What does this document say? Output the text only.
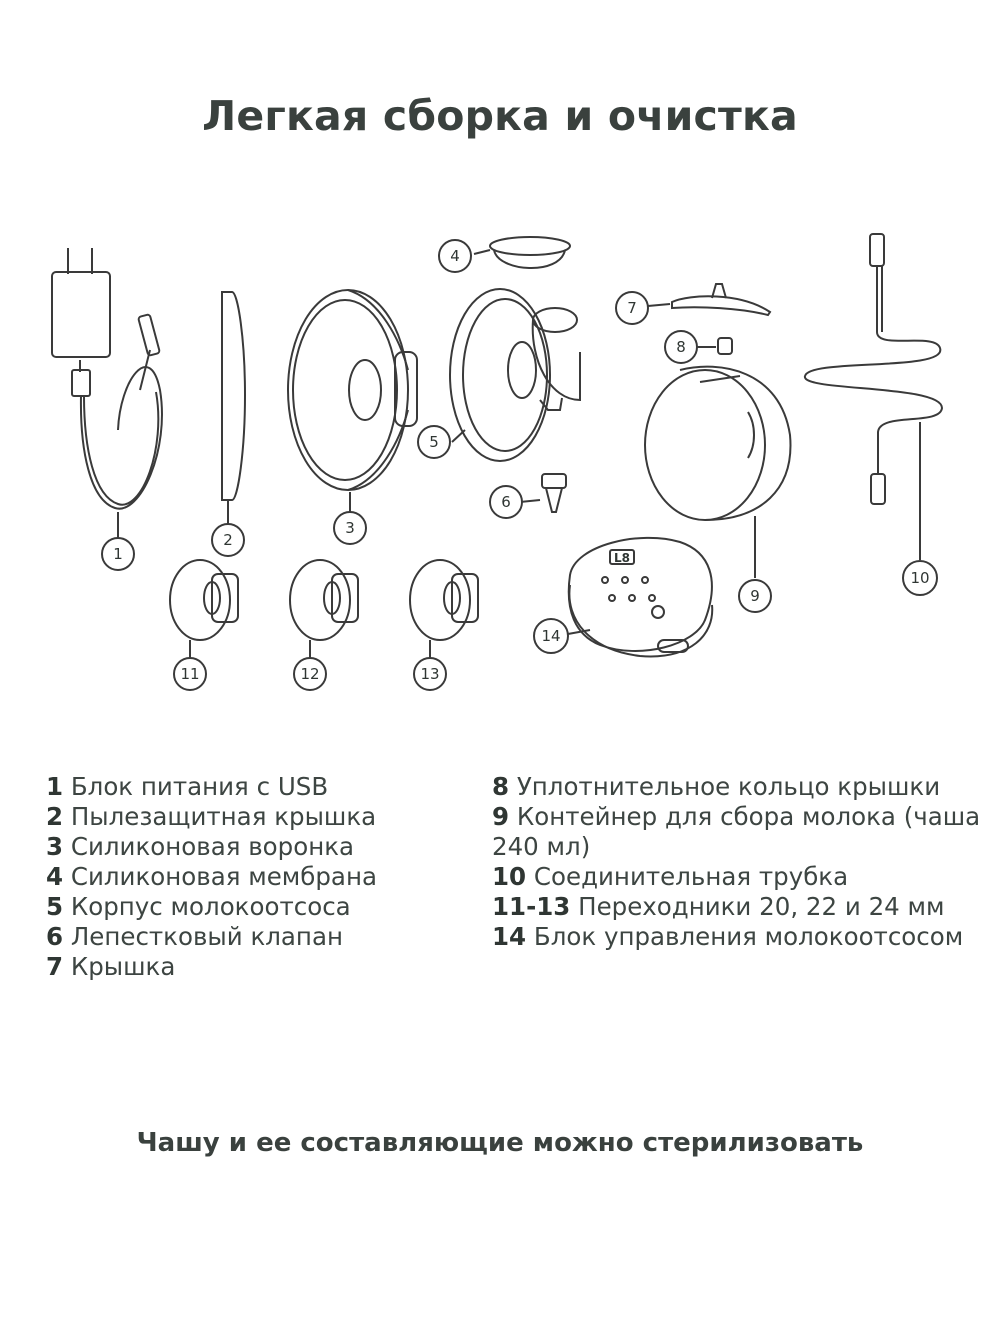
Легкая сборка и очистка
L8
1
2
3
4
5
6
7
8
9
10
11	12	13
14
1 Блок питания с USB
2 Пылезащитная крышка
3 Силиконовая воронка
4 Силиконовая мембрана
5 Корпус молокоотсоса
6 Лепестковый клапан
7 Крышка
8 Уплотнительное кольцо крышки
9 Контейнер для сбора молока (чаша 240 мл)
10 Соединительная трубка
11-13 Переходники 20, 22 и 24 мм
14 Блок управления молокоотсосом
Чашу и ее составляющие можно стерилизовать
